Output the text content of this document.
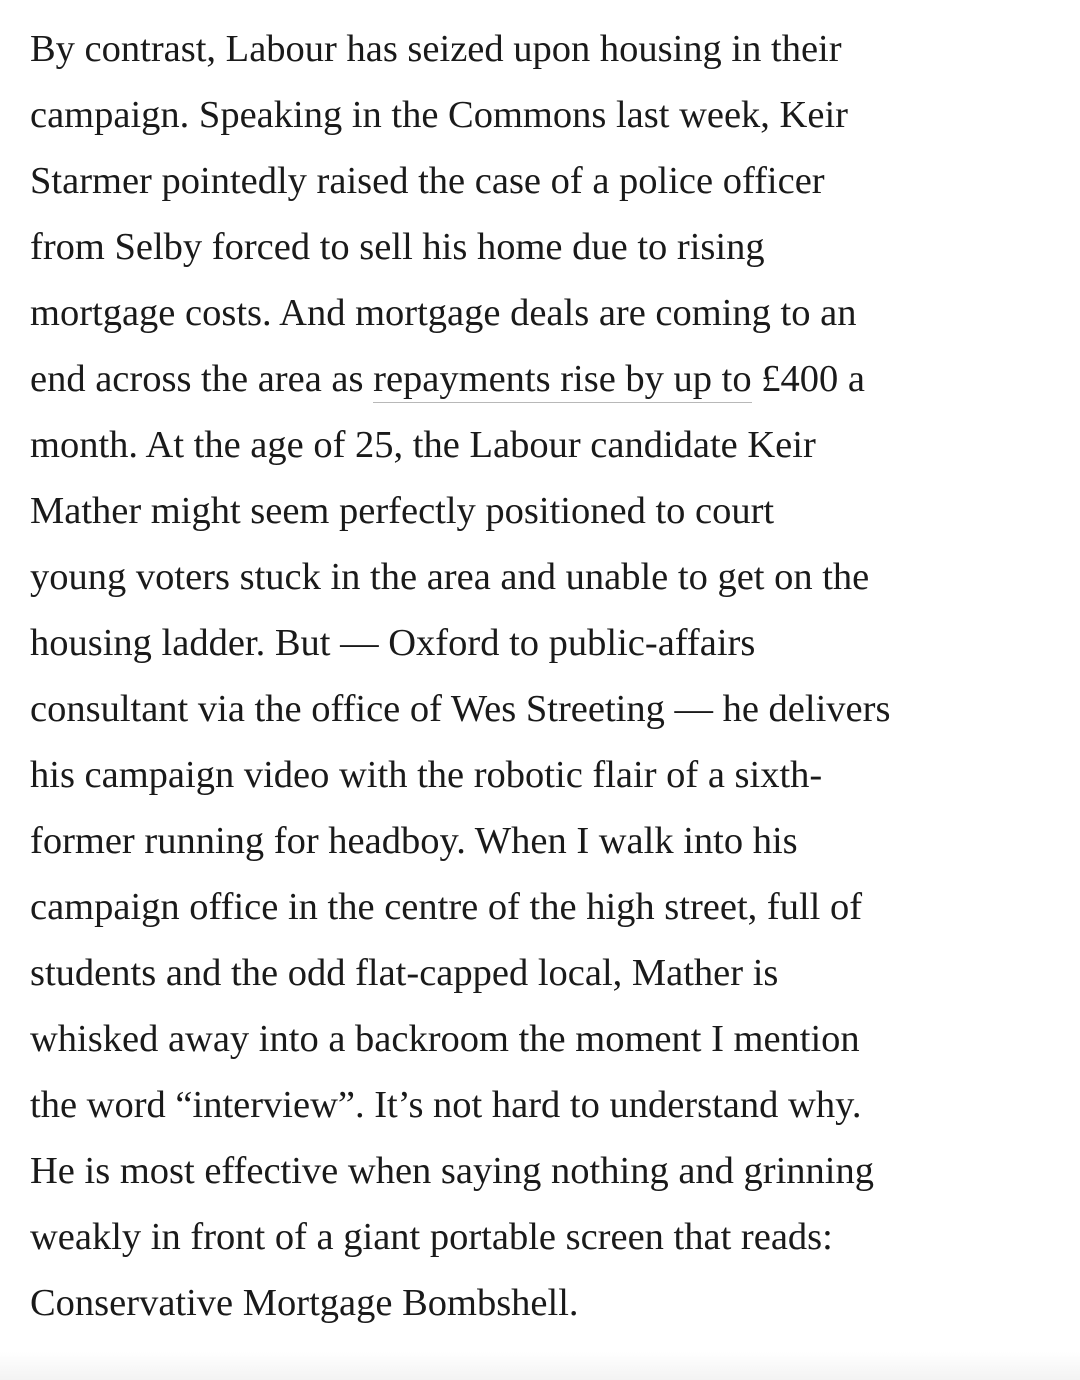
By contrast, Labour has seized upon housing in their
campaign. Speaking in the Commons last week, Keir
Starmer pointedly raised the case of a police officer
from Selby forced to sell his home due to rising
mortgage costs. And mortgage deals are coming to an
end across the area as repayments rise by up to £400 a
month. At the age of 25, the Labour candidate Keir
Mather might seem perfectly positioned to court
young voters stuck in the area and unable to get on the
housing ladder. But — Oxford to public-affairs
consultant via the office of Wes Streeting — he delivers
his campaign video with the robotic flair of a sixth-
former running for headboy. When I walk into his
campaign office in the centre of the high street, full of
students and the odd flat-capped local, Mather is
whisked away into a backroom the moment I mention
the word “interview”. It’s not hard to understand why.
He is most effective when saying nothing and grinning
weakly in front of a giant portable screen that reads:
Conservative Mortgage Bombshell.
